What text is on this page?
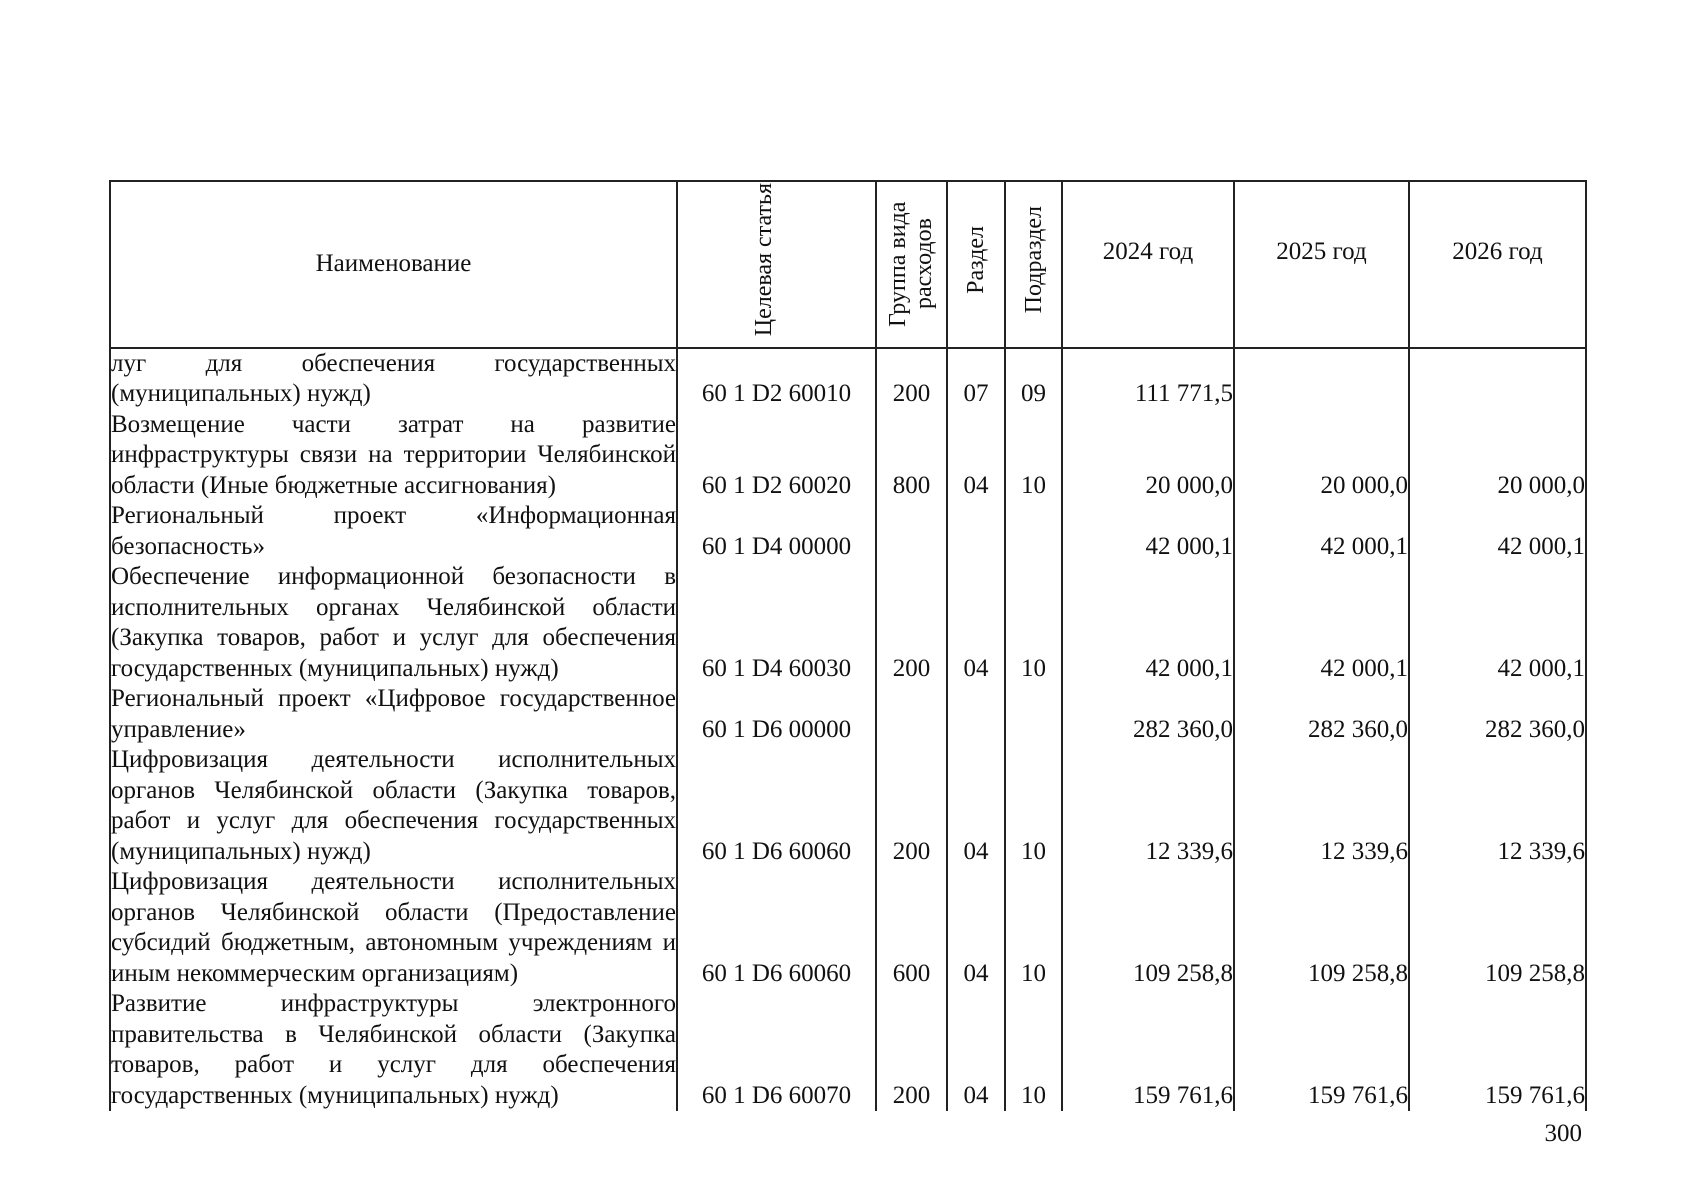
Наименование	Целевая статья	Группа вида расходов	Раздел	Подраздел	2024 год	2025 год	2026 год
луг для обеспечения государственных (муниципальных) нужд)	60 1 D2 60010	200	07	09	111 771,5		
Возмещение части затрат на развитие инфраструктуры связи на территории Челябинской области (Иные бюджетные ассигнования)	60 1 D2 60020	800	04	10	20 000,0	20 000,0	20 000,0
Региональный проект «Информационная безопасность»	60 1 D4 00000				42 000,1	42 000,1	42 000,1
Обеспечение информационной безопасности в исполнительных органах Челябинской области (Закупка товаров, работ и услуг для обеспечения государственных (муниципальных) нужд)	60 1 D4 60030	200	04	10	42 000,1	42 000,1	42 000,1
Региональный проект «Цифровое государственное управление»	60 1 D6 00000				282 360,0	282 360,0	282 360,0
Цифровизация деятельности исполнительных органов Челябинской области (Закупка товаров, работ и услуг для обеспечения государственных (муниципальных) нужд)	60 1 D6 60060	200	04	10	12 339,6	12 339,6	12 339,6
Цифровизация деятельности исполнительных органов Челябинской области (Предоставление субсидий бюджетным, автономным учреждениям и иным некоммерческим организациям)	60 1 D6 60060	600	04	10	109 258,8	109 258,8	109 258,8
Развитие инфраструктуры электронного правительства в Челябинской области (Закупка товаров, работ и услуг для обеспечения государственных (муниципальных) нужд)	60 1 D6 60070	200	04	10	159 761,6	159 761,6	159 761,6
300
